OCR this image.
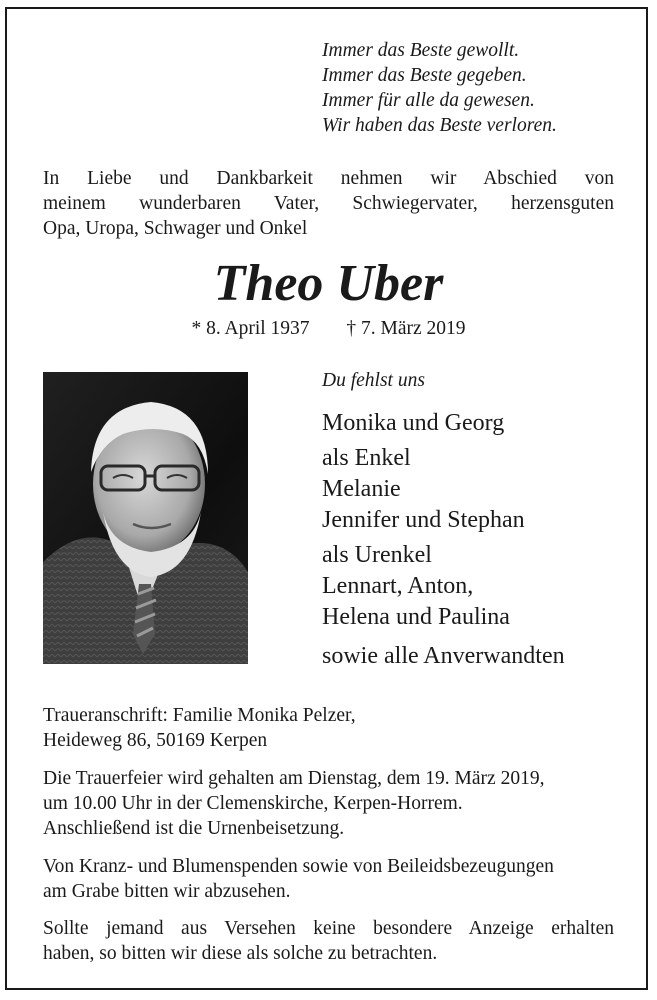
Immer das Beste gewollt.
Immer das Beste gegeben.
Immer für alle da gewesen.
Wir haben das Beste verloren.
In Liebe und Dankbarkeit nehmen wir Abschied von
meinem wunderbaren Vater, Schwiegervater, herzensguten
Opa, Uropa, Schwager und Onkel
Theo Uber
* 8. April 1937 † 7. März 2019
Du fehlst uns
Monika und Georg
als Enkel
Melanie
Jennifer und Stephan
als Urenkel
Lennart, Anton,
Helena und Paulina
sowie alle Anverwandten
Traueranschrift: Familie Monika Pelzer,
Heideweg 86, 50169 Kerpen
Die Trauerfeier wird gehalten am Dienstag, dem 19. März 2019,
um 10.00 Uhr in der Clemenskirche, Kerpen-Horrem.
Anschließend ist die Urnenbeisetzung.
Von Kranz- und Blumenspenden sowie von Beileidsbezeugungen
am Grabe bitten wir abzusehen.
Sollte jemand aus Versehen keine besondere Anzeige erhalten
haben, so bitten wir diese als solche zu betrachten.
